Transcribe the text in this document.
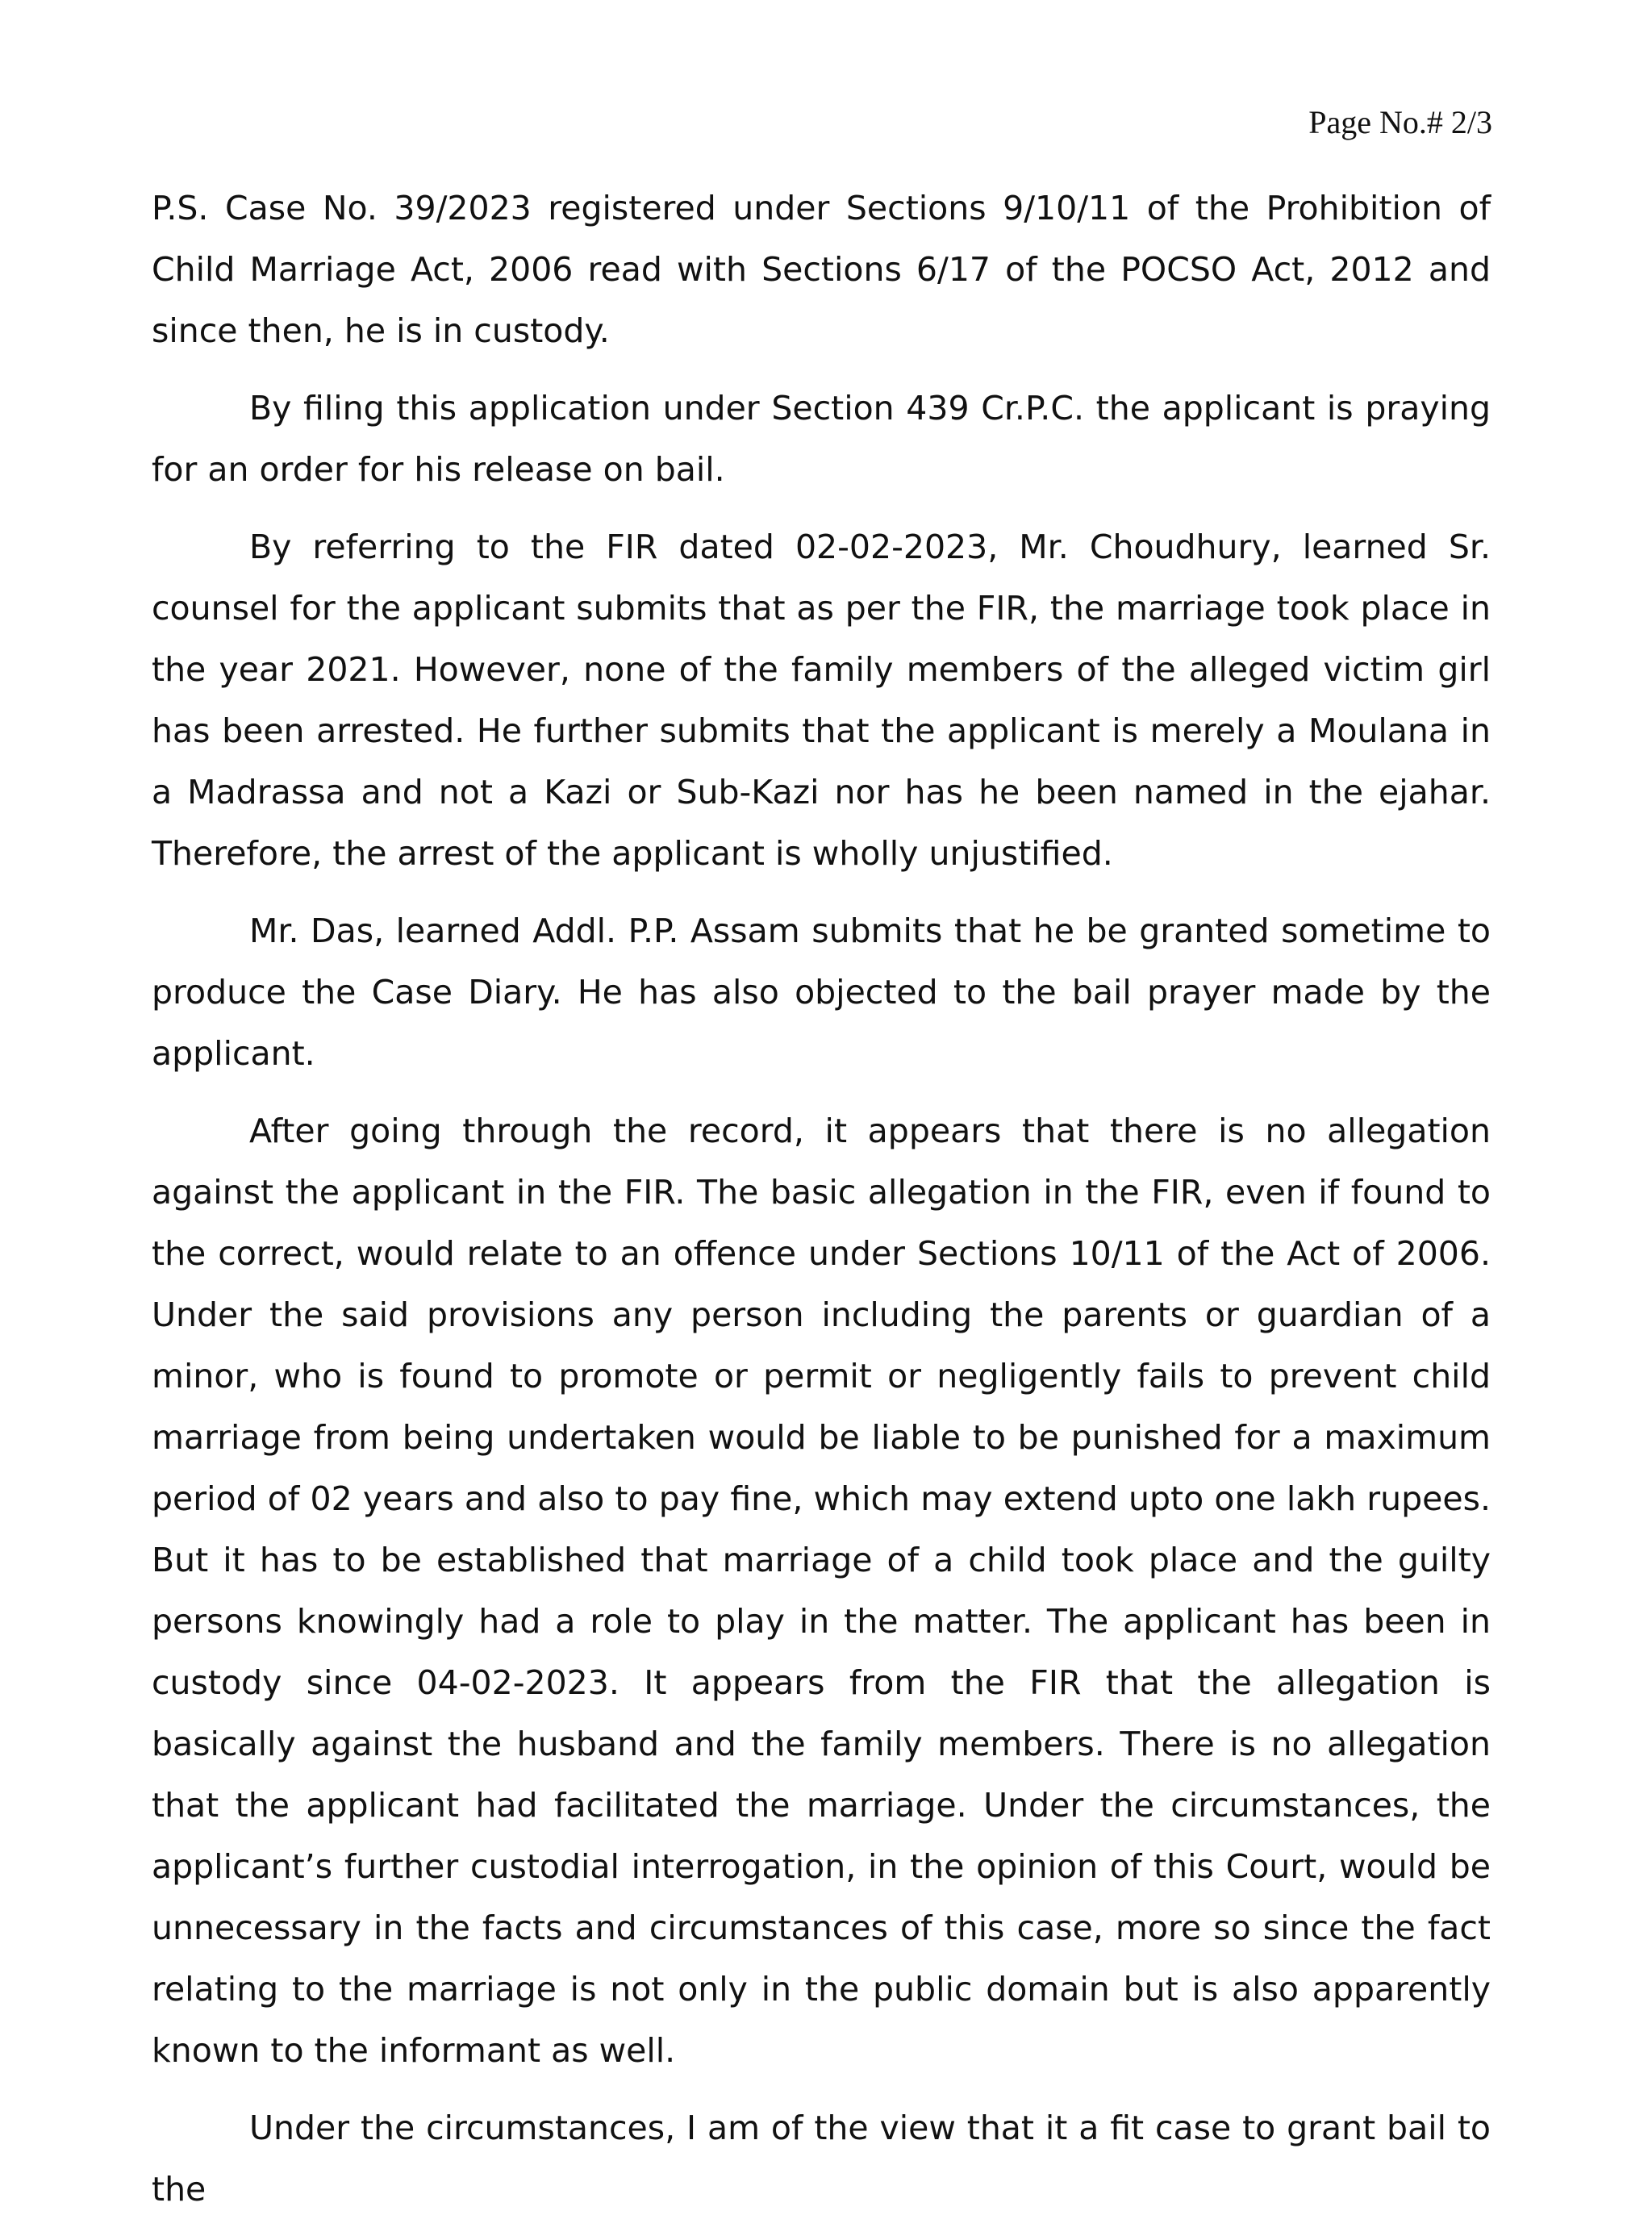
Page No.# 2/3

P.S. Case No. 39/2023 registered under Sections 9/10/11 of the Prohibition of Child Marriage Act, 2006 read with Sections 6/17 of the POCSO Act, 2012 and since then, he is in custody.

By filing this application under Section 439 Cr.P.C. the applicant is praying for an order for his release on bail.

By referring to the FIR dated 02-02-2023, Mr. Choudhury, learned Sr. counsel for the applicant submits that as per the FIR, the marriage took place in the year 2021. However, none of the family members of the alleged victim girl has been arrested. He further submits that the applicant is merely a Moulana in a Madrassa and not a Kazi or Sub-Kazi nor has he been named in the ejahar. Therefore, the arrest of the applicant is wholly unjustified.

Mr. Das, learned Addl. P.P. Assam submits that he be granted sometime to produce the Case Diary. He has also objected to the bail prayer made by the applicant.

After going through the record, it appears that there is no allegation against the applicant in the FIR. The basic allegation in the FIR, even if found to the correct, would relate to an offence under Sections 10/11 of the Act of 2006. Under the said provisions any person including the parents or guardian of a minor, who is found to promote or permit or negligently fails to prevent child marriage from being undertaken would be liable to be punished for a maximum period of 02 years and also to pay fine, which may extend upto one lakh rupees. But it has to be established that marriage of a child took place and the guilty persons knowingly had a role to play in the matter. The applicant has been in custody since 04-02-2023. It appears from the FIR that the allegation is basically against the husband and the family members. There is no allegation that the applicant had facilitated the marriage. Under the circumstances, the applicant’s further custodial interrogation, in the opinion of this Court, would be unnecessary in the facts and circumstances of this case, more so since the fact relating to the marriage is not only in the public domain but is also apparently known to the informant as well.

Under the circumstances, I am of the view that it a fit case to grant bail to the
